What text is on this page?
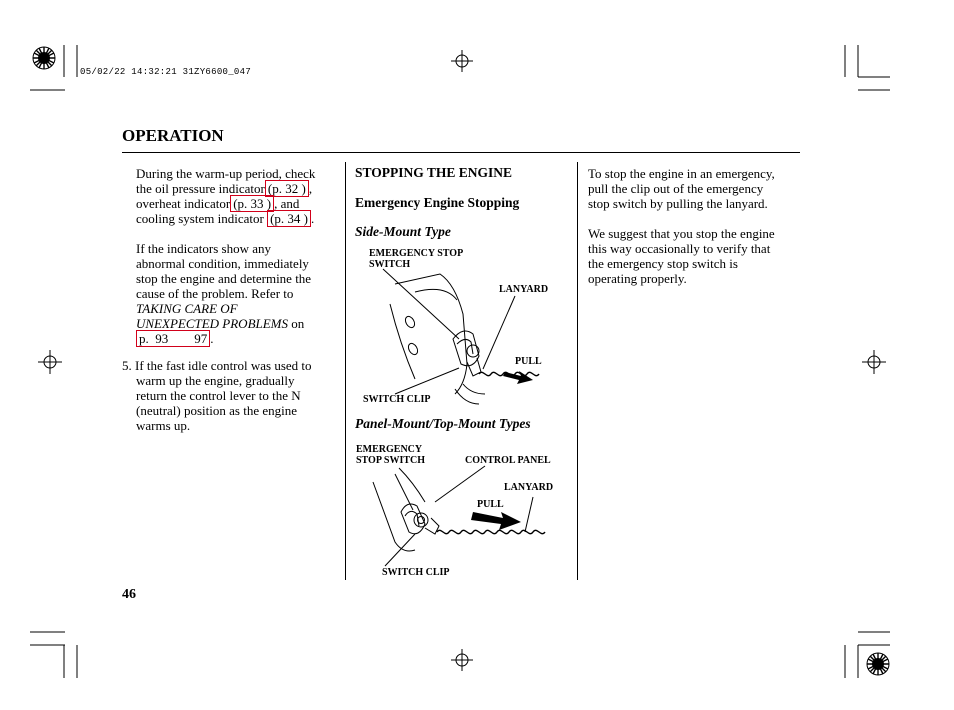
05/02/22 14:32:21 31ZY6600_047
OPERATION

During the warm-up period, check
the oil pressure indicator (p. 32 ) ,
overheat indicator (p. 33 ) , and
cooling system indicator (p. 34 ) .

If the indicators show any
abnormal condition, immediately
stop the engine and determine the
cause of the problem. Refer to
TAKING CARE OF
UNEXPECTED PROBLEMS on
p.  93        97 .

5. If the fast idle control was used to
warm up the engine, gradually
return the control lever to the N
(neutral) position as the engine
warms up.
STOPPING THE ENGINE
Emergency Engine Stopping
Side-Mount Type
EMERGENCY STOP
SWITCH
LANYARD
PULL
SWITCH CLIP
Panel-Mount/Top-Mount Types
EMERGENCY
STOP SWITCH	CONTROL PANEL
LANYARD
PULL
SWITCH CLIP

To stop the engine in an emergency,
pull the clip out of the emergency
stop switch by pulling the lanyard.

We suggest that you stop the engine
this way occasionally to verify that
the emergency stop switch is
operating properly.

46
